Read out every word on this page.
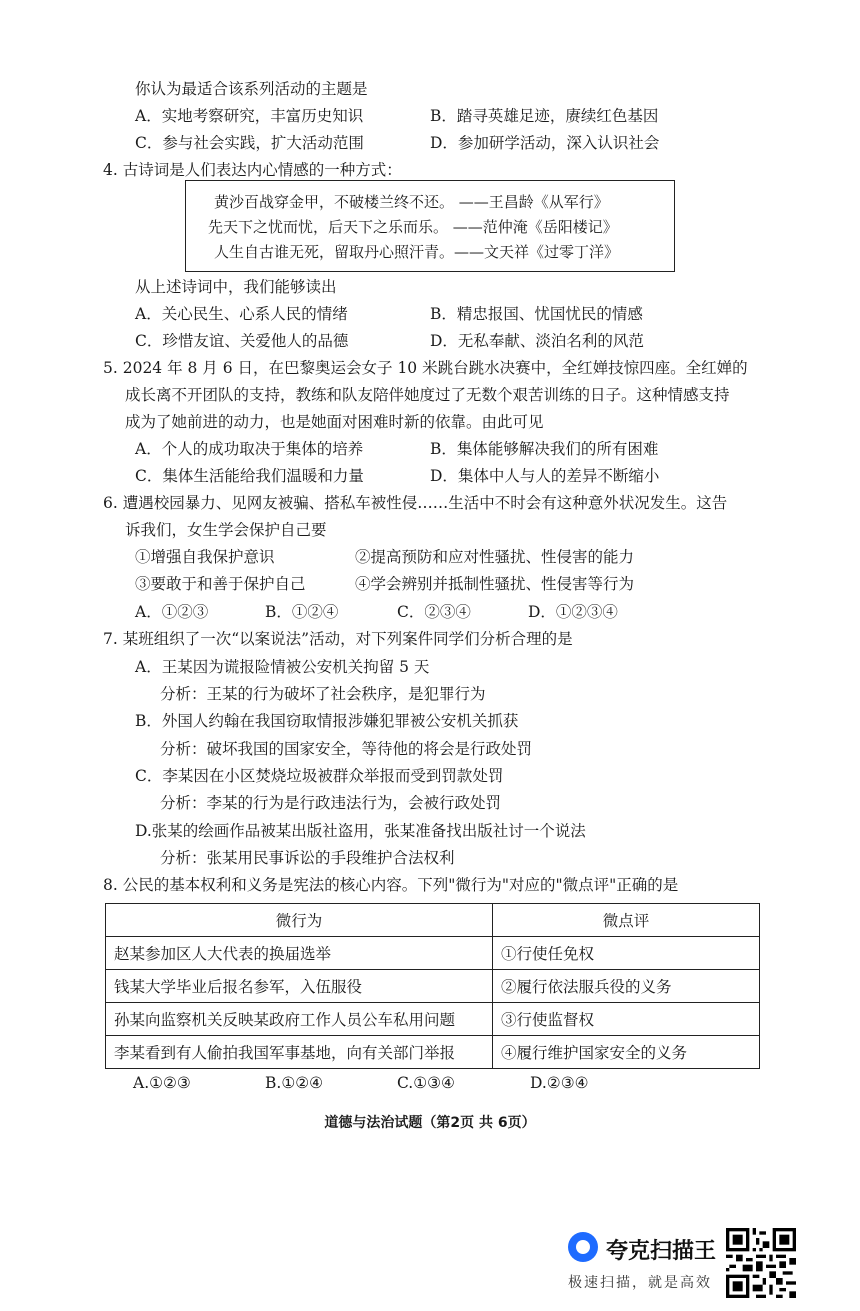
你认为最适合该系列活动的主题是
A．实地考察研究，丰富历史知识	B．踏寻英雄足迹，赓续红色基因
C．参与社会实践，扩大活动范围	D．参加研学活动，深入认识社会
4. 古诗词是人们表达内心情感的一种方式：
黄沙百战穿金甲，不破楼兰终不还。 ——王昌龄《从军行》
先天下之忧而忧，后天下之乐而乐。 ——范仲淹《岳阳楼记》
人生自古谁无死，留取丹心照汗青。——文天祥《过零丁洋》
从上述诗词中，我们能够读出
A．关心民生、心系人民的情绪	B．精忠报国、忧国忧民的情感
C．珍惜友谊、关爱他人的品德	D．无私奉献、淡泊名利的风范
5. 2024 年 8 月 6 日，在巴黎奥运会女子 10 米跳台跳水决赛中，全红婵技惊四座。全红婵的
成长离不开团队的支持，教练和队友陪伴她度过了无数个艰苦训练的日子。这种情感支持
成为了她前进的动力，也是她面对困难时新的依靠。由此可见
A．个人的成功取决于集体的培养	B．集体能够解决我们的所有困难
C．集体生活能给我们温暖和力量	D．集体中人与人的差异不断缩小
6. 遭遇校园暴力、见网友被骗、搭私车被性侵……生活中不时会有这种意外状况发生。这告
诉我们，女生学会保护自己要
①增强自我保护意识	②提高预防和应对性骚扰、性侵害的能力
③要敢于和善于保护自己	④学会辨别并抵制性骚扰、性侵害等行为
A．①②③	B．①②④	C．②③④	D．①②③④
7. 某班组织了一次“以案说法”活动，对下列案件同学们分析合理的是
A．王某因为谎报险情被公安机关拘留 5 天
分析：王某的行为破坏了社会秩序，是犯罪行为
B．外国人约翰在我国窃取情报涉嫌犯罪被公安机关抓获
分析：破坏我国的国家安全，等待他的将会是行政处罚
C．李某因在小区焚烧垃圾被群众举报而受到罚款处罚
分析：李某的行为是行政违法行为，会被行政处罚
D.张某的绘画作品被某出版社盗用，张某准备找出版社讨一个说法
分析：张某用民事诉讼的手段维护合法权利
8. 公民的基本权利和义务是宪法的核心内容。下列"微行为"对应的"微点评"正确的是
微行为	微点评
赵某参加区人大代表的换届选举	①行使任免权
钱某大学毕业后报名参军，入伍服役	②履行依法服兵役的义务
孙某向监察机关反映某政府工作人员公车私用问题	③行使监督权
李某看到有人偷拍我国军事基地，向有关部门举报	④履行维护国家安全的义务
A.①②③	B.①②④	C.①③④	D.②③④
道德与法治试题（第2页 共 6页）
夸克扫描王
极速扫描，就是高效
